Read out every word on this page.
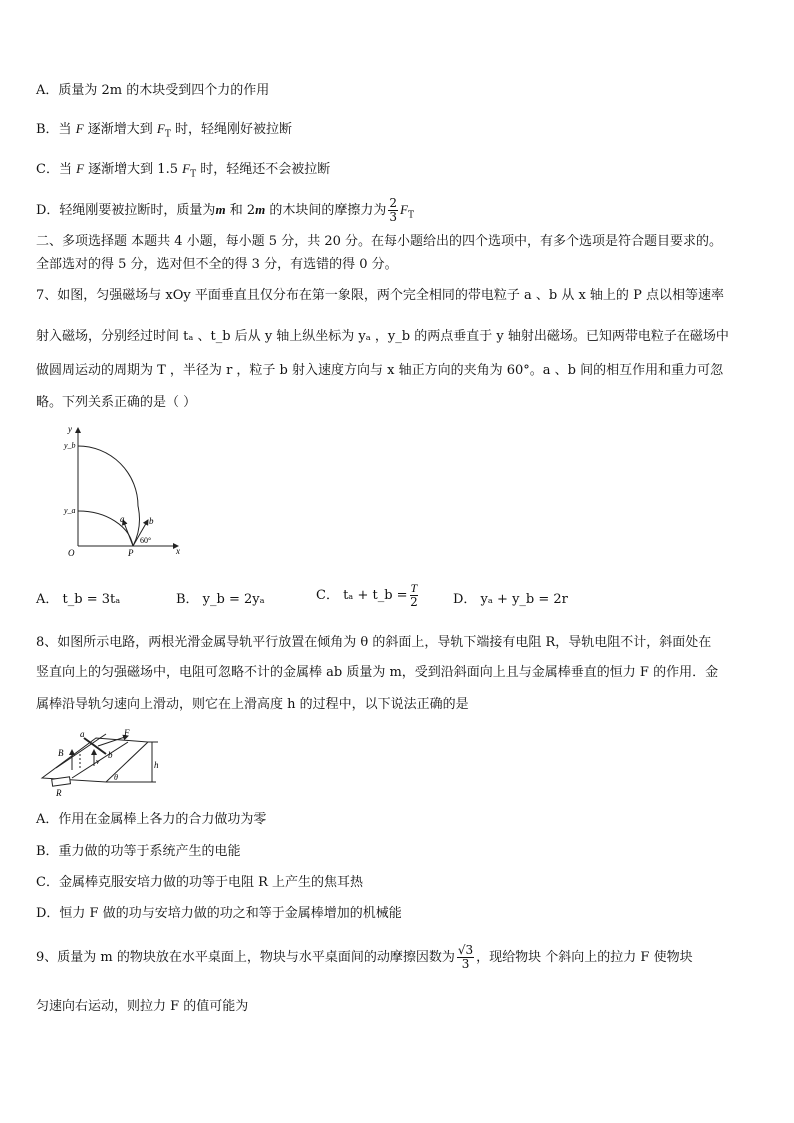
A．质量为 2m 的木块受到四个力的作用
B．当 F 逐渐增大到 $F_T$ 时，轻绳刚好被拉断
C．当 F 逐渐增大到 1.5 $F_T$ 时，轻绳还不会被拉断
D．轻绳刚要被拉断时，质量为m 和 2m 的木块间的摩擦力为 $\frac{2}{3} F_T$
二、多项选择题 本题共 4 小题，每小题 5 分，共 20 分。在每小题给出的四个选项中，有多个选项是符合题目要求的。
全部选对的得 5 分，选对但不全的得 3 分，有选错的得 0 分。
7、如图，匀强磁场与 xOy 平面垂直且仅分布在第一象限，两个完全相同的带电粒子 a 、b 从 x 轴上的 P 点以相等速率
射入磁场，分别经过时间 tₐ 、t_b 后从 y 轴上纵坐标为 yₐ ，y_b 的两点垂直于 y 轴射出磁场。已知两带电粒子在磁场中
做圆周运动的周期为 T ，半径为 r ，粒子 b 射入速度方向与 x 轴正方向的夹角为 60°。a 、b 间的相互作用和重力可忽
略。下列关系正确的是（ ）
y
y_b
y_a
O	P	x
a	b
60°
A． t_b = 3tₐ	B． y_b = 2yₐ	C． tₐ + t_b = $\frac{T}{2}$	D． yₐ + y_b = 2r
8、如图所示电路，两根光滑金属导轨平行放置在倾角为 θ 的斜面上，导轨下端接有电阻 R，导轨电阻不计，斜面处在
竖直向上的匀强磁场中，电阻可忽略不计的金属棒 ab 质量为 m，受到沿斜面向上且与金属棒垂直的恒力 F 的作用．金
属棒沿导轨匀速向上滑动，则它在上滑高度 h 的过程中，以下说法正确的是
a
b
F
B
v	h
θ
R
A．作用在金属棒上各力的合力做功为零
B．重力做的功等于系统产生的电能
C．金属棒克服安培力做的功等于电阻 R 上产生的焦耳热
D．恒力 F 做的功与安培力做的功之和等于金属棒增加的机械能
9、质量为 m 的物块放在水平桌面上，物块与水平桌面间的动摩擦因数为 $\frac{√3}{3}$ ，现给物块 个斜向上的拉力 F 使物块
匀速向右运动，则拉力 F 的值可能为
